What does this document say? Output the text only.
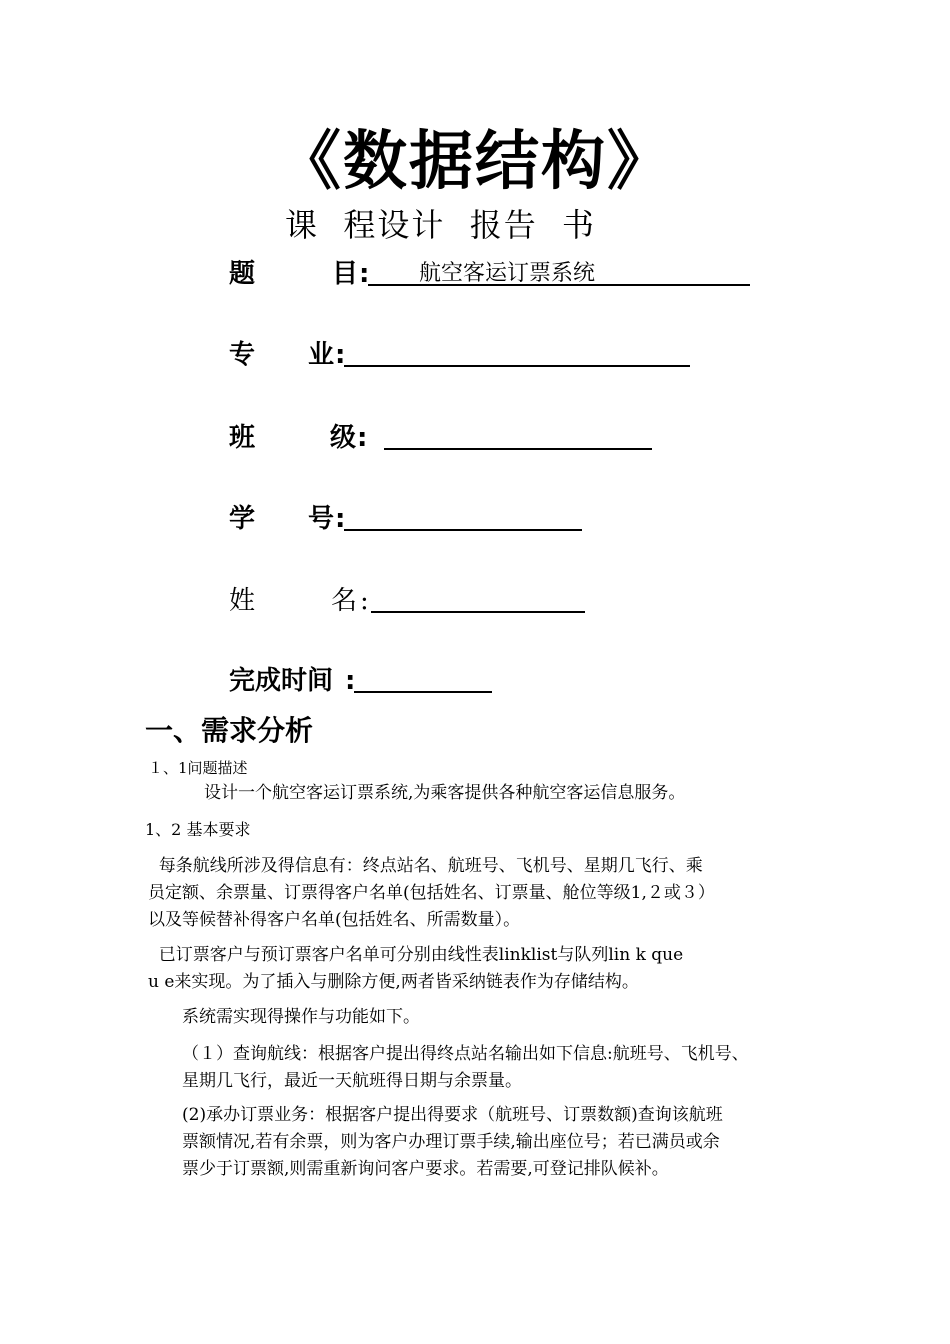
《数据结构》
课  程设计  报告  书
题	目 : 航空客运订票系统
专 业 :
班	级 :
学 号 :
姓	名 :
完成时间 :
一、需求分析
１、1问题描述
设计一个航空客运订票系统,为乘客提供各种航空客运信息服务。
1、2 基本要求
每条航线所涉及得信息有：终点站名、航班号、飞机号、星期几飞行、乘
员定额、余票量、订票得客户名单(包括姓名、订票量、舱位等级1,２或３）
以及等候替补得客户名单(包括姓名、所需数量）。
已订票客户与预订票客户名单可分别由线性表linklist与队列lin k que
u e来实现。为了插入与删除方便,两者皆采纳链表作为存储结构。
系统需实现得操作与功能如下。
（１）查询航线：根据客户提出得终点站名输出如下信息:航班号、飞机号、
星期几飞行，最近一天航班得日期与余票量。
(2)承办订票业务：根据客户提出得要求（航班号、订票数额)查询该航班
票额情况,若有余票，则为客户办理订票手续,输出座位号；若已满员或余
票少于订票额,则需重新询问客户要求。若需要,可登记排队候补。
